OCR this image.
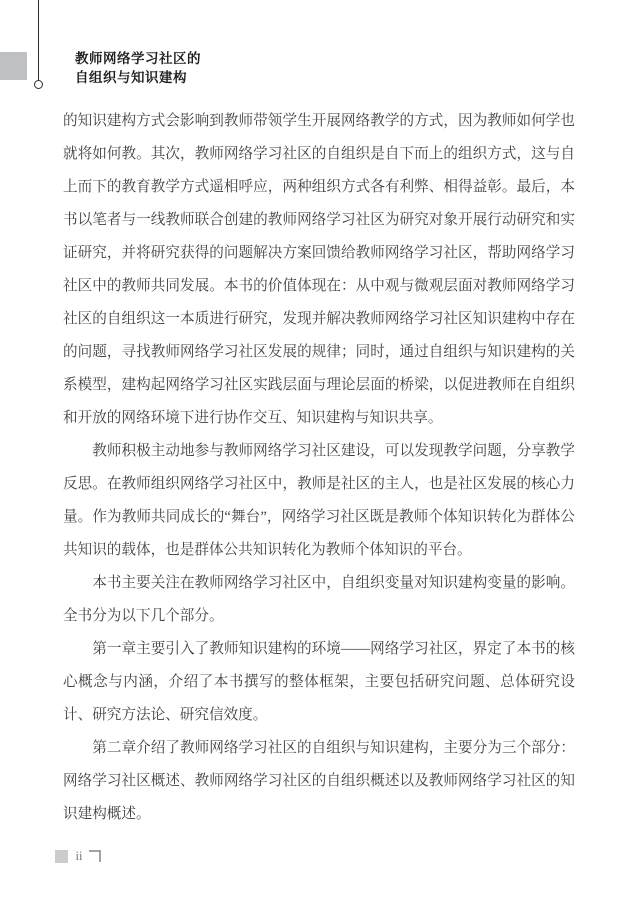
教师网络学习社区的
自组织与知识建构

的知识建构方式会影响到教师带领学生开展网络教学的方式，因为教师如何学也就将如何教。其次，教师网络学习社区的自组织是自下而上的组织方式，这与自上而下的教育教学方式遥相呼应，两种组织方式各有利弊、相得益彰。最后，本书以笔者与一线教师联合创建的教师网络学习社区为研究对象开展行动研究和实证研究，并将研究获得的问题解决方案回馈给教师网络学习社区，帮助网络学习社区中的教师共同发展。本书的价值体现在：从中观与微观层面对教师网络学习社区的自组织这一本质进行研究，发现并解决教师网络学习社区知识建构中存在的问题，寻找教师网络学习社区发展的规律；同时，通过自组织与知识建构的关系模型，建构起网络学习社区实践层面与理论层面的桥梁，以促进教师在自组织和开放的网络环境下进行协作交互、知识建构与知识共享。

教师积极主动地参与教师网络学习社区建设，可以发现教学问题，分享教学反思。在教师组织网络学习社区中，教师是社区的主人，也是社区发展的核心力量。作为教师共同成长的“舞台”，网络学习社区既是教师个体知识转化为群体公共知识的载体，也是群体公共知识转化为教师个体知识的平台。

本书主要关注在教师网络学习社区中，自组织变量对知识建构变量的影响。全书分为以下几个部分。

第一章主要引入了教师知识建构的环境——网络学习社区，界定了本书的核心概念与内涵，介绍了本书撰写的整体框架，主要包括研究问题、总体研究设计、研究方法论、研究信效度。

第二章介绍了教师网络学习社区的自组织与知识建构，主要分为三个部分：网络学习社区概述、教师网络学习社区的自组织概述以及教师网络学习社区的知识建构概述。

ii
